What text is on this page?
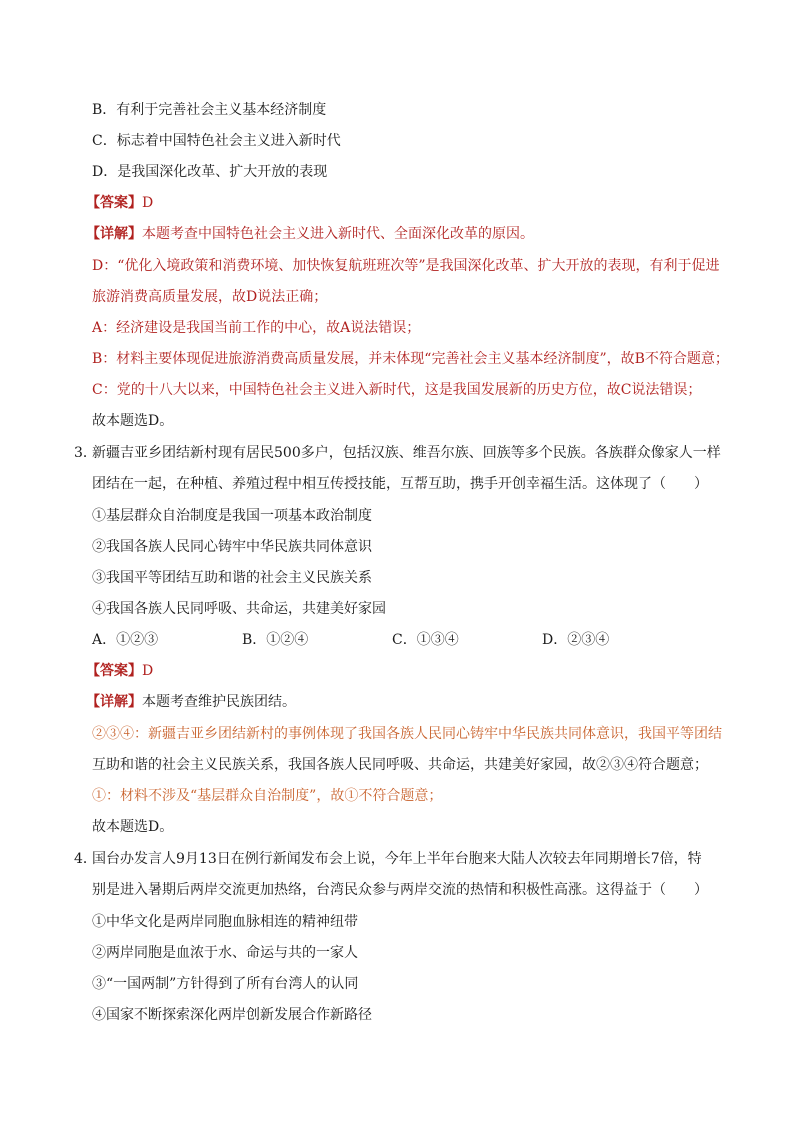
B．有利于完善社会主义基本经济制度
C．标志着中国特色社会主义进入新时代
D．是我国深化改革、扩大开放的表现
【答案】D
【详解】本题考查中国特色社会主义进入新时代、全面深化改革的原因。
D：“优化入境政策和消费环境、加快恢复航班班次等”是我国深化改革、扩大开放的表现，有利于促进
旅游消费高质量发展，故D说法正确；
A：经济建设是我国当前工作的中心，故A说法错误；
B：材料主要体现促进旅游消费高质量发展，并未体现“完善社会主义基本经济制度”，故B不符合题意；
C：党的十八大以来，中国特色社会主义进入新时代，这是我国发展新的历史方位，故C说法错误；
故本题选D。
3．
新疆吉亚乡团结新村现有居民500多户，包括汉族、维吾尔族、回族等多个民族。各族群众像家人一样
团结在一起，在种植、养殖过程中相互传授技能，互帮互助，携手开创幸福生活。这体现了（　　）
①基层群众自治制度是我国一项基本政治制度
②我国各族人民同心铸牢中华民族共同体意识
③我国平等团结互助和谐的社会主义民族关系
④我国各族人民同呼吸、共命运，共建美好家园
A．①②③	B．①②④	C．①③④	D．②③④
【答案】D
【详解】本题考查维护民族团结。
②③④：新疆吉亚乡团结新村的事例体现了我国各族人民同心铸牢中华民族共同体意识，我国平等团结
互助和谐的社会主义民族关系，我国各族人民同呼吸、共命运，共建美好家园，故②③④符合题意；
①：材料不涉及“基层群众自治制度”，故①不符合题意；
故本题选D。
4．
国台办发言人9月13日在例行新闻发布会上说，今年上半年台胞来大陆人次较去年同期增长7倍，特
别是进入暑期后两岸交流更加热络，台湾民众参与两岸交流的热情和积极性高涨。这得益于（　　）
①中华文化是两岸同胞血脉相连的精神纽带
②两岸同胞是血浓于水、命运与共的一家人
③“一国两制”方针得到了所有台湾人的认同
④国家不断探索深化两岸创新发展合作新路径
